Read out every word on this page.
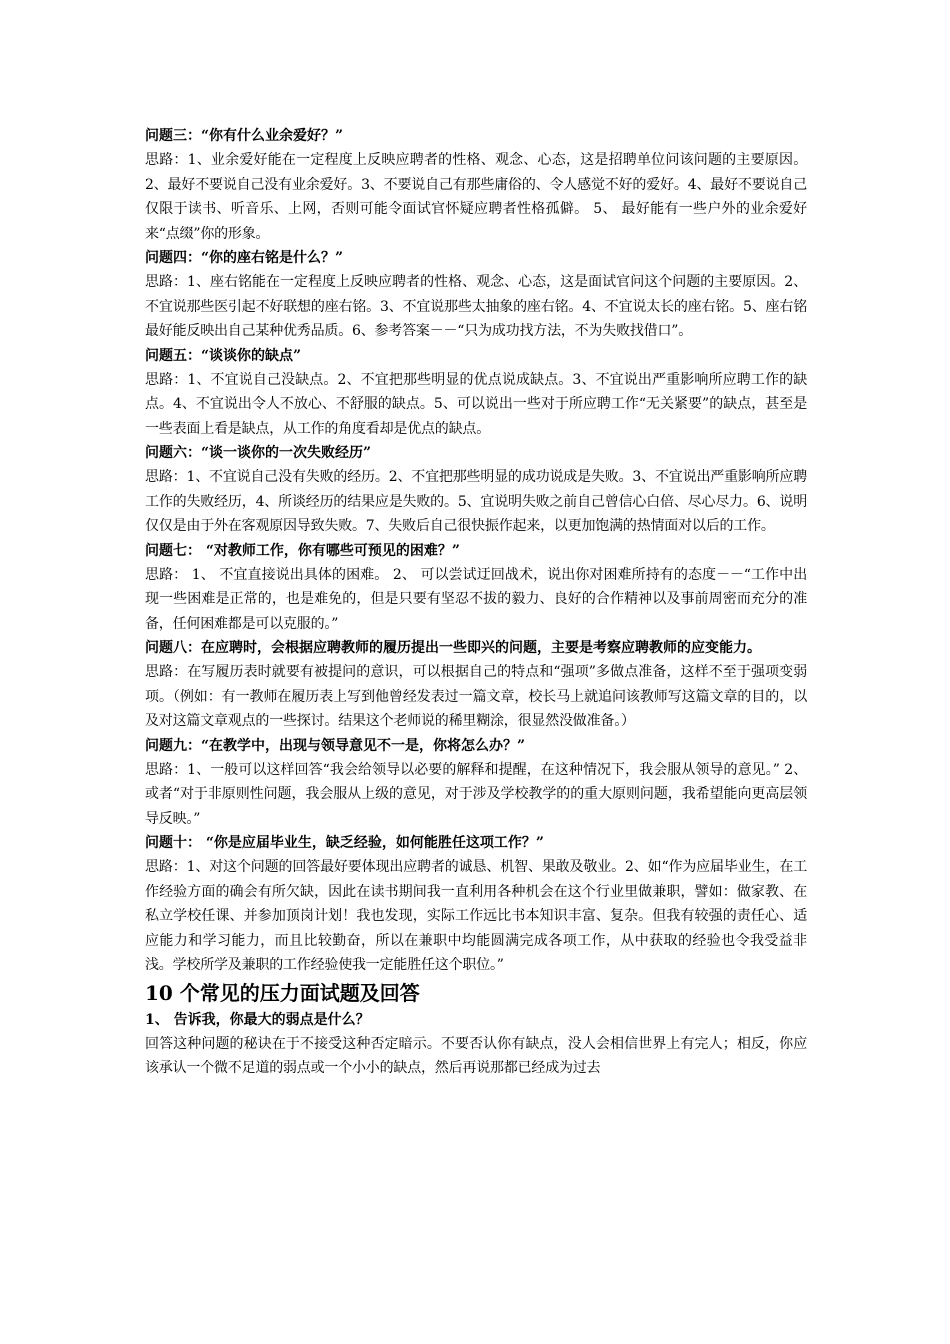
问题三：“你有什么业余爱好？”

思路：1、业余爱好能在一定程度上反映应聘者的性格、观念、心态，这是招聘单位问该问题的主要原因。2、最好不要说自己没有业余爱好。3、不要说自己有那些庸俗的、令人感觉不好的爱好。4、最好不要说自己仅限于读书、听音乐、上网，否则可能令面试官怀疑应聘者性格孤僻。 5、 最好能有一些户外的业余爱好来“点缀”你的形象。

问题四：“你的座右铭是什么？”

思路：1、座右铭能在一定程度上反映应聘者的性格、观念、心态，这是面试官问这个问题的主要原因。2、不宜说那些医引起不好联想的座右铭。3、不宜说那些太抽象的座右铭。4、不宜说太长的座右铭。5、座右铭最好能反映出自己某种优秀品质。6、参考答案－－“只为成功找方法，不为失败找借口”。

问题五：“谈谈你的缺点”

思路：1、不宜说自己没缺点。2、不宜把那些明显的优点说成缺点。3、不宜说出严重影响所应聘工作的缺点。4、不宜说出令人不放心、不舒服的缺点。5、可以说出一些对于所应聘工作“无关紧要”的缺点，甚至是一些表面上看是缺点，从工作的角度看却是优点的缺点。

问题六：“谈一谈你的一次失败经历”

思路：1、不宜说自己没有失败的经历。2、不宜把那些明显的成功说成是失败。3、不宜说出严重影响所应聘工作的失败经历，4、所谈经历的结果应是失败的。5、宜说明失败之前自己曾信心白倍、尽心尽力。6、说明仅仅是由于外在客观原因导致失败。7、失败后自己很快振作起来，以更加饱满的热情面对以后的工作。

问题七： “对教师工作，你有哪些可预见的困难？”

思路： 1、 不宜直接说出具体的困难。 2、 可以尝试迂回战术，说出你对困难所持有的态度－－“工作中出现一些困难是正常的，也是难免的，但是只要有坚忍不拔的毅力、良好的合作精神以及事前周密而充分的准备，任何困难都是可以克服的。”

问题八：在应聘时，会根据应聘教师的履历提出一些即兴的问题，主要是考察应聘教师的应变能力。

思路：在写履历表时就要有被提问的意识，可以根据自己的特点和“强项”多做点准备，这样不至于强项变弱项。（例如：有一教师在履历表上写到他曾经发表过一篇文章，校长马上就追问该教师写这篇文章的目的，以及对这篇文章观点的一些探讨。结果这个老师说的稀里糊涂，很显然没做准备。）

问题九：“在教学中，出现与领导意见不一是，你将怎么办？”

思路：1、一般可以这样回答“我会给领导以必要的解释和提醒，在这种情况下，我会服从领导的意见。” 2、或者“对于非原则性问题，我会服从上级的意见，对于涉及学校教学的的重大原则问题，我希望能向更高层领导反映。”

问题十： “你是应届毕业生，缺乏经验，如何能胜任这项工作？”

思路：1、对这个问题的回答最好要体现出应聘者的诚恳、机智、果敢及敬业。2、如“作为应届毕业生，在工作经验方面的确会有所欠缺，因此在读书期间我一直利用各种机会在这个行业里做兼职，譬如：做家教、在私立学校任课、并参加顶岗计划！我也发现，实际工作远比书本知识丰富、复杂。但我有较强的责任心、适应能力和学习能力，而且比较勤奋，所以在兼职中均能圆满完成各项工作，从中获取的经验也令我受益非浅。学校所学及兼职的工作经验使我一定能胜任这个职位。”

10 个常见的压力面试题及回答

1、 告诉我，你最大的弱点是什么？

回答这种问题的秘诀在于不接受这种否定暗示。不要否认你有缺点，没人会相信世界上有完人；相反，你应该承认一个微不足道的弱点或一个小小的缺点，然后再说那都已经成为过去
